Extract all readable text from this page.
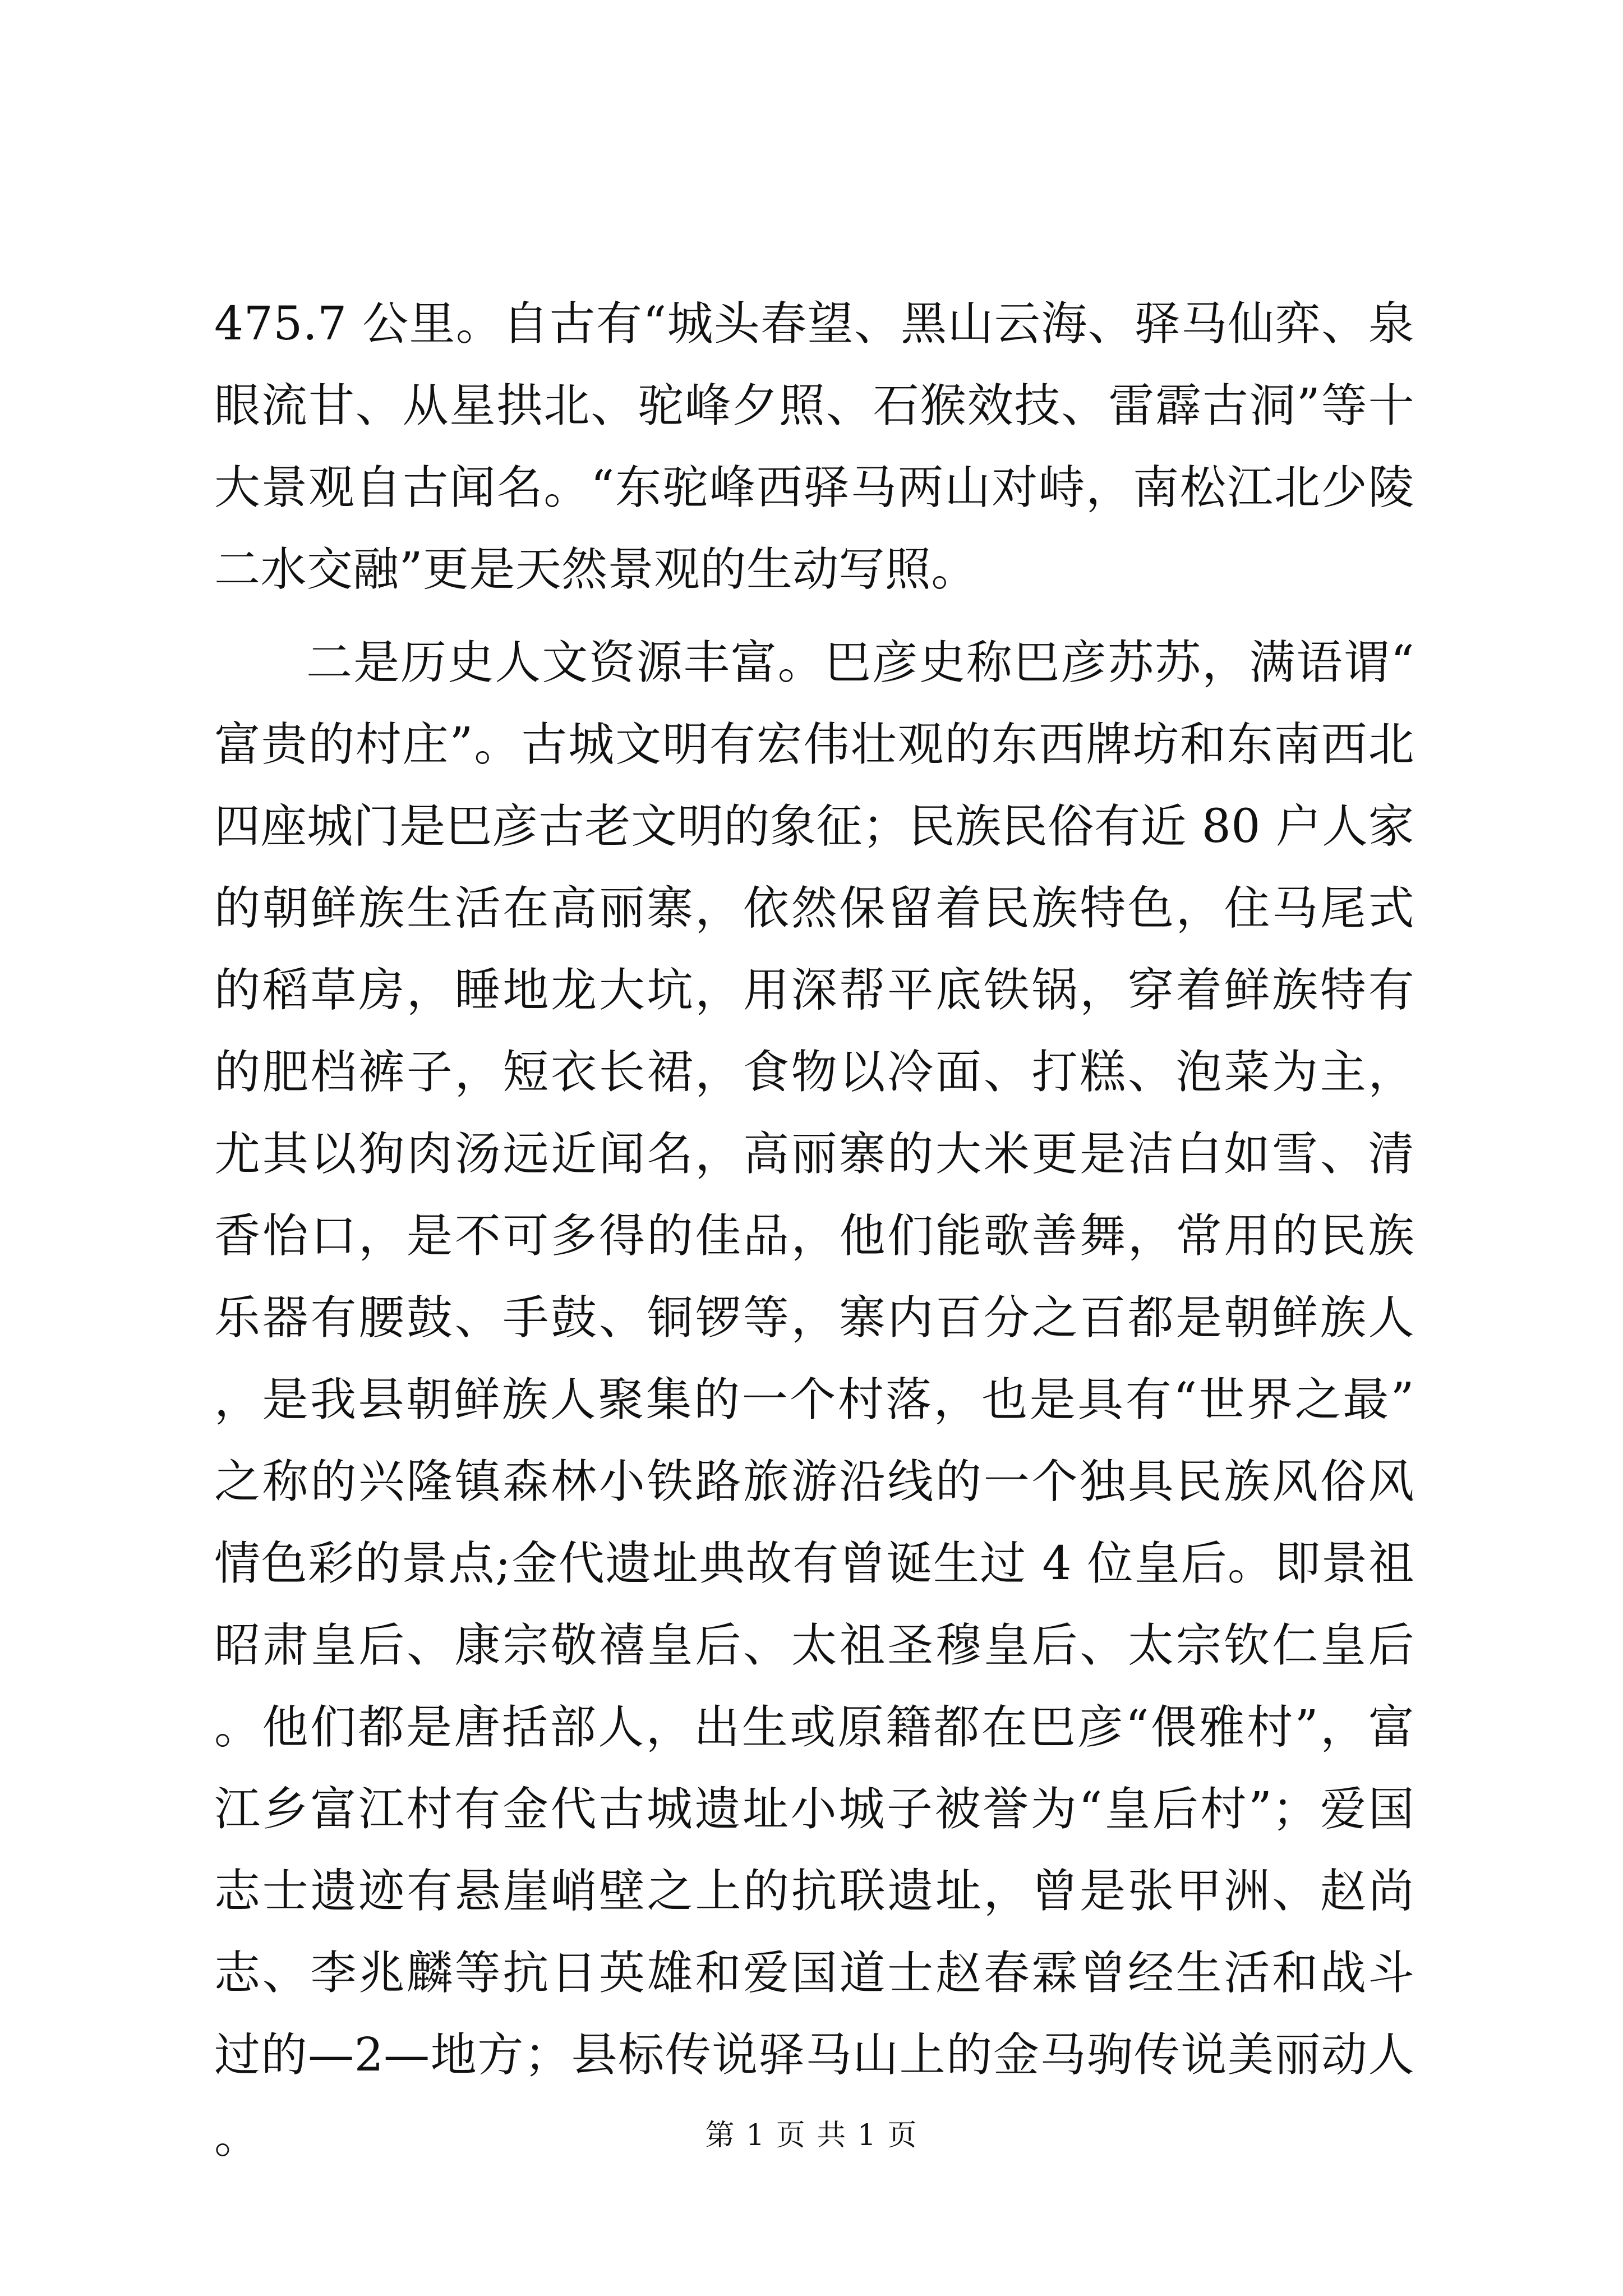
475.7 公里。自古有“城头春望、黑山云海、驿马仙弈、泉眼流甘、从星拱北、驼峰夕照、石猴效技、雷霹古洞”等十大景观自古闻名。“东驼峰西驿马两山对峙，南松江北少陵二水交融”更是天然景观的生动写照。

二是历史人文资源丰富。巴彦史称巴彦苏苏，满语谓“富贵的村庄”。古城文明有宏伟壮观的东西牌坊和东南西北四座城门是巴彦古老文明的象征；民族民俗有近 80 户人家的朝鲜族生活在高丽寨，依然保留着民族特色，住马尾式的稻草房，睡地龙大坑，用深帮平底铁锅，穿着鲜族特有的肥档裤子，短衣长裙，食物以冷面、打糕、泡菜为主，尤其以狗肉汤远近闻名，高丽寨的大米更是洁白如雪、清香怡口，是不可多得的佳品，他们能歌善舞，常用的民族乐器有腰鼓、手鼓、铜锣等，寨内百分之百都是朝鲜族人，是我县朝鲜族人聚集的一个村落，也是具有“世界之最”之称的兴隆镇森林小铁路旅游沿线的一个独具民族风俗风情色彩的景点;金代遗址典故有曾诞生过 4 位皇后。即景祖昭肃皇后、康宗敬禧皇后、太祖圣穆皇后、太宗钦仁皇后。他们都是唐括部人，出生或原籍都在巴彦“偎雅村”，富江乡富江村有金代古城遗址小城子被誉为“皇后村”；爱国志士遗迹有悬崖峭壁之上的抗联遗址，曾是张甲洲、赵尚志、李兆麟等抗日英雄和爱国道士赵春霖曾经生活和战斗过的—2—地方；县标传说驿马山上的金马驹传说美丽动人。	第 1 页 共 1 页
